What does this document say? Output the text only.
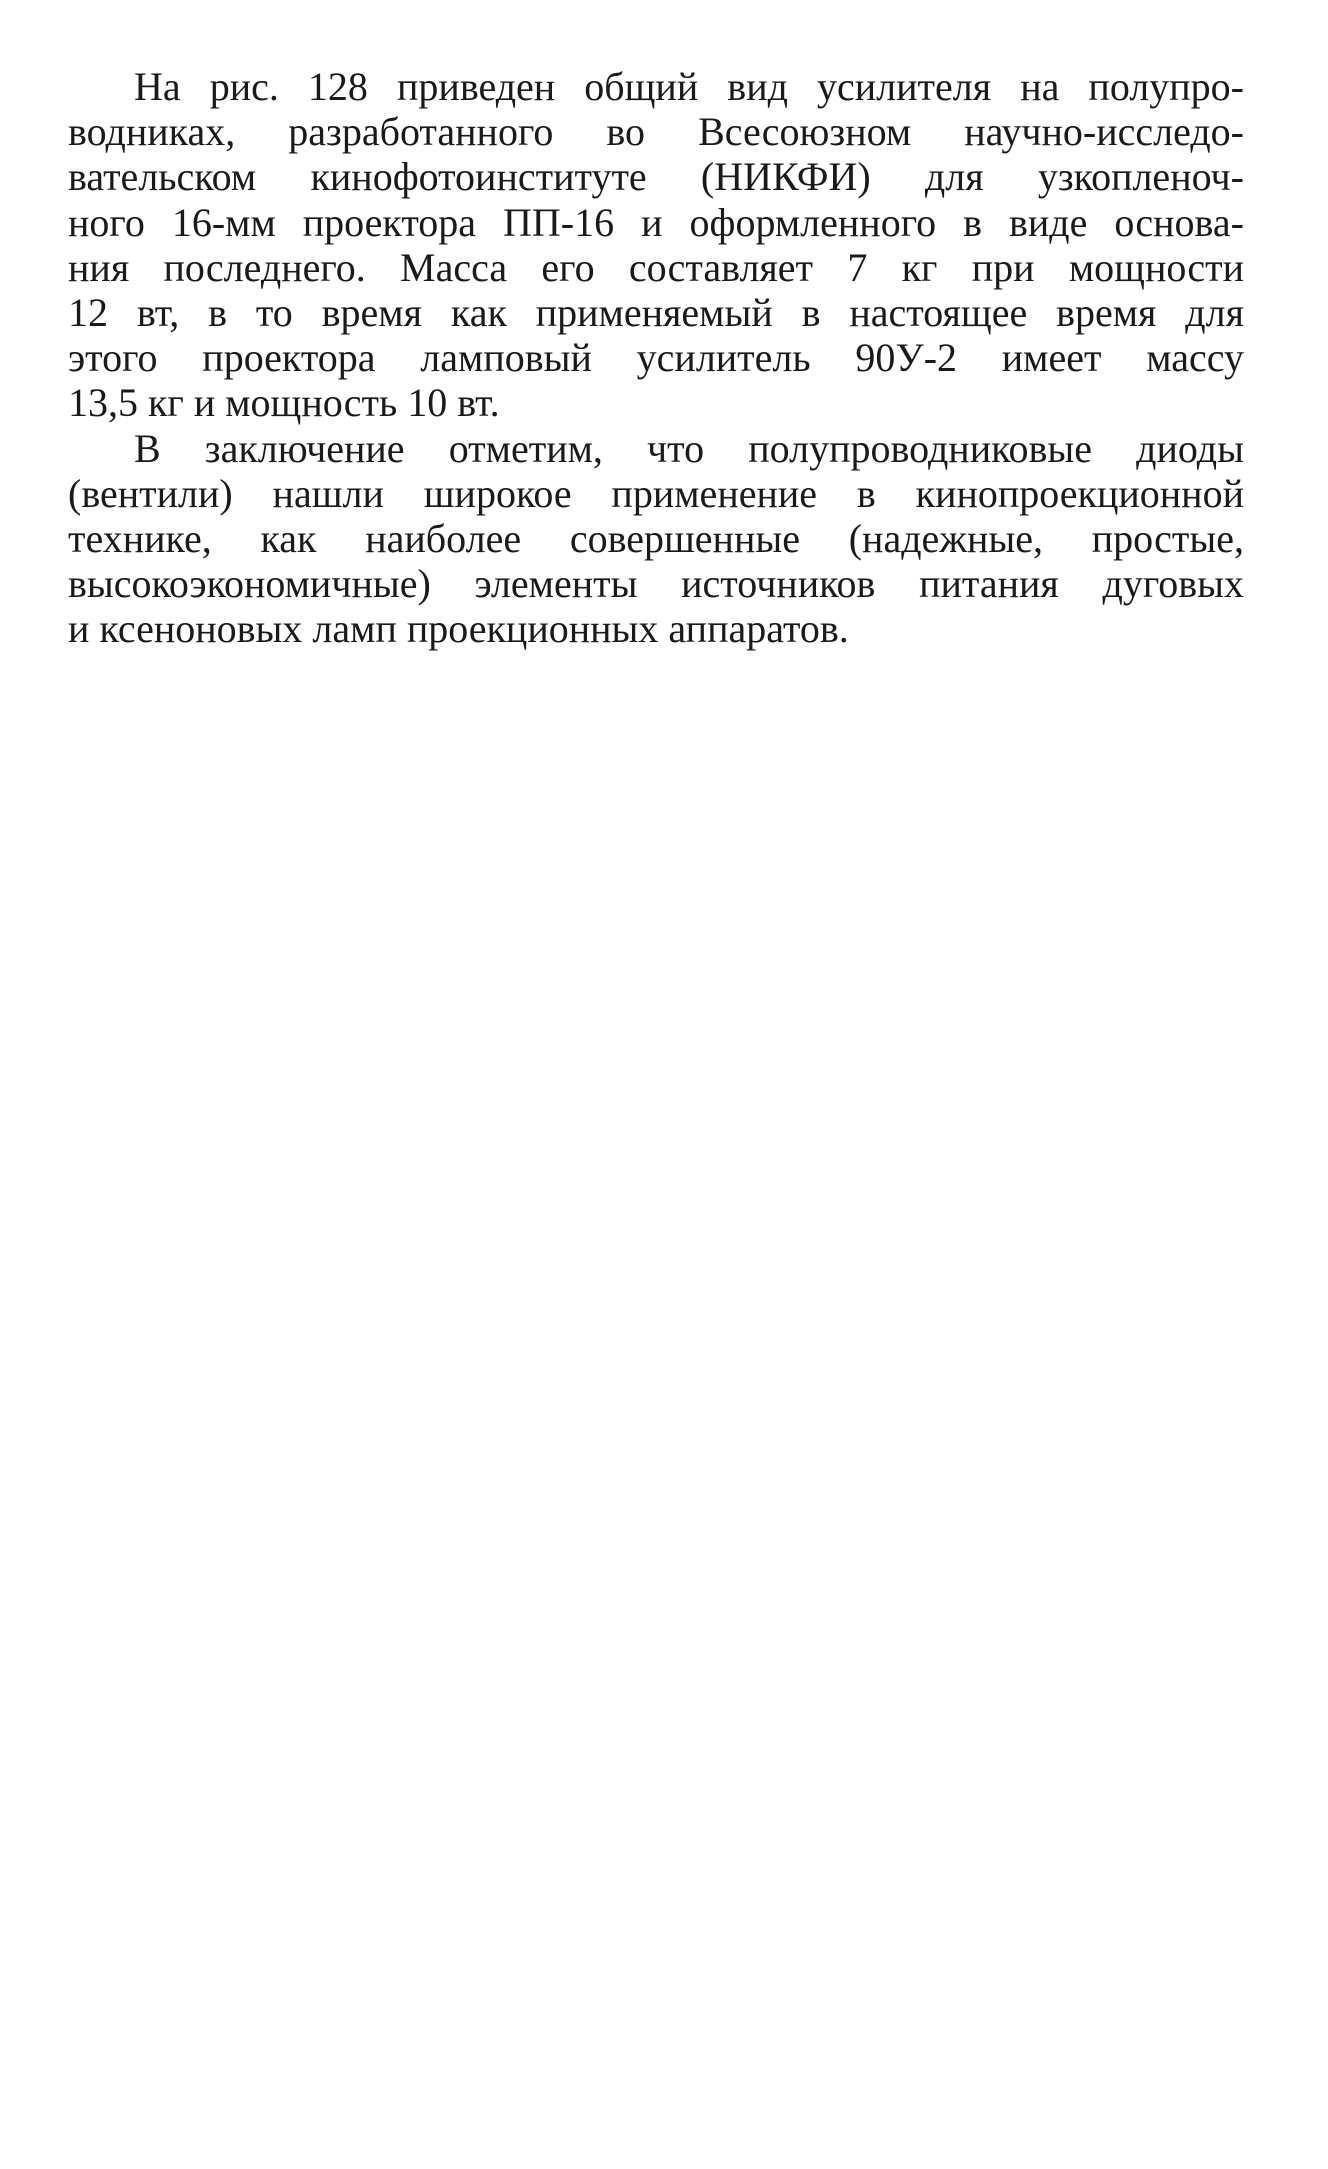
На рис. 128 приведен общий вид усилителя на полупро-
водниках, разработанного во Всесоюзном научно-исследо-
вательском кинофотоинституте (НИКФИ) для узкопленоч-
ного 16-мм проектора ПП-16 и оформленного в виде основа-
ния последнего. Масса его составляет 7 кг при мощности
12 вт, в то время как применяемый в настоящее время для
этого проектора ламповый усилитель 90У-2 имеет массу
13,5 кг и мощность 10 вт.
В заключение отметим, что полупроводниковые диоды
(вентили) нашли широкое применение в кинопроекционной
технике, как наиболее совершенные (надежные, простые,
высокоэкономичные) элементы источников питания дуговых
и ксеноновых ламп проекционных аппаратов.
